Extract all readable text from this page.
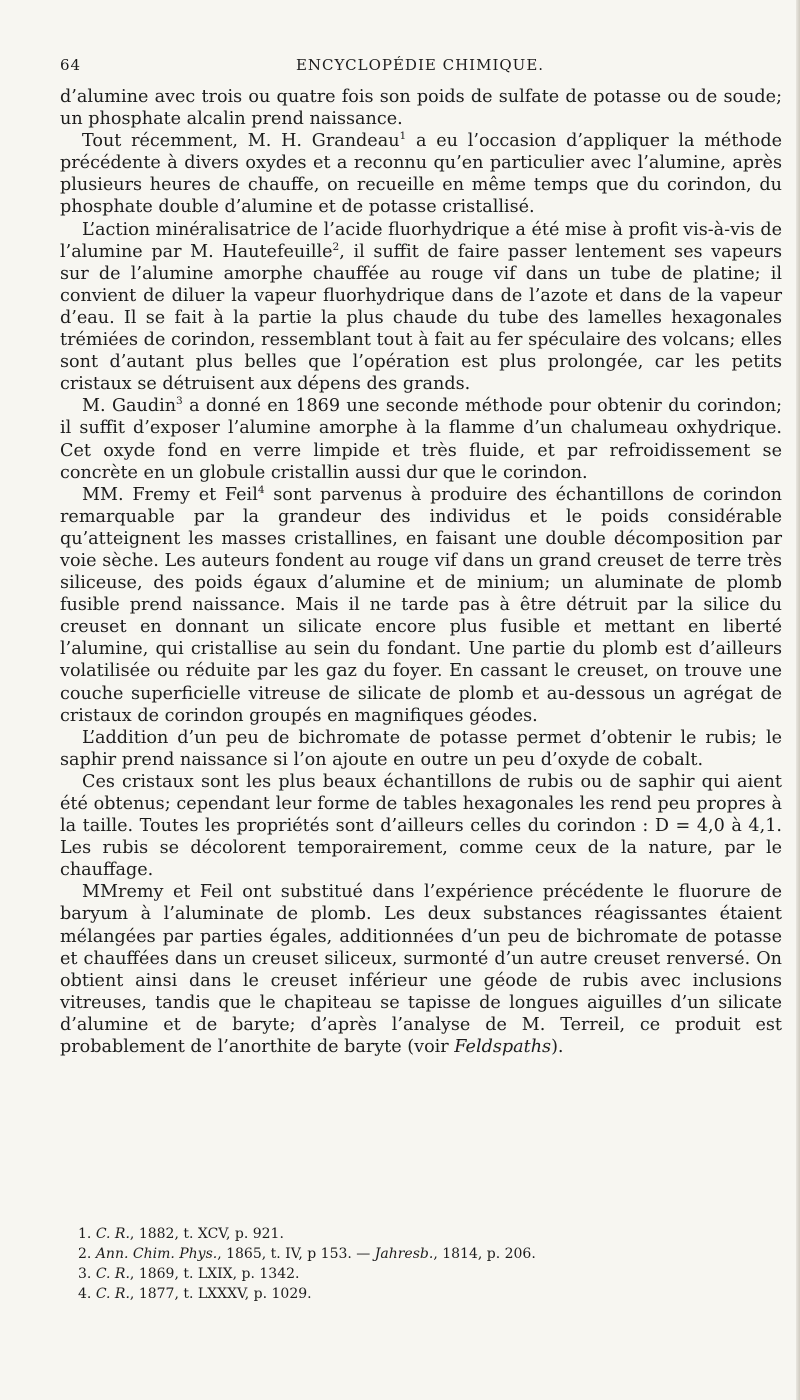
64	ENCYCLOPÉDIE CHIMIQUE.

d’alumine avec trois ou quatre fois son poids de sulfate de potasse ou de soude; un phosphate alcalin prend naissance.

Tout récemment, M. H. Grandeau$^1$ a eu l’occasion d’appliquer la méthode précédente à divers oxydes et a reconnu qu’en particulier avec l’alumine, après plusieurs heures de chauffe, on recueille en même temps que du corindon, du phosphate double d’alumine et de potasse cristallisé.

L’action minéralisatrice de l’acide fluorhydrique a été mise à profit vis-à-vis de l’alumine par M. Hautefeuille$^2$, il suffit de faire passer lentement ses vapeurs sur de l’alumine amorphe chauffée au rouge vif dans un tube de platine; il convient de diluer la vapeur fluorhydrique dans de l’azote et dans de la vapeur d’eau. Il se fait à la partie la plus chaude du tube des lamelles hexagonales trémiées de corindon, ressemblant tout à fait au fer spéculaire des volcans; elles sont d’autant plus belles que l’opération est plus prolongée, car les petits cristaux se détruisent aux dépens des grands.

M. Gaudin$^3$ a donné en 1869 une seconde méthode pour obtenir du corindon; il suffit d’exposer l’alumine amorphe à la flamme d’un chalumeau oxhydrique. Cet oxyde fond en verre limpide et très fluide, et par refroidissement se concrète en un globule cristallin aussi dur que le corindon.

MM. Fremy et Feil$^4$ sont parvenus à produire des échantillons de corindon remarquable par la grandeur des individus et le poids considérable qu’atteignent les masses cristallines, en faisant une double décomposition par voie sèche. Les auteurs fondent au rouge vif dans un grand creuset de terre très siliceuse, des poids égaux d’alumine et de minium; un aluminate de plomb fusible prend naissance. Mais il ne tarde pas à être détruit par la silice du creuset en donnant un silicate encore plus fusible et mettant en liberté l’alumine, qui cristallise au sein du fondant. Une partie du plomb est d’ailleurs volatilisée ou réduite par les gaz du foyer. En cassant le creuset, on trouve une couche superficielle vitreuse de silicate de plomb et au-dessous un agrégat de cristaux de corindon groupés en magnifiques géodes.

L’addition d’un peu de bichromate de potasse permet d’obtenir le rubis; le saphir prend naissance si l’on ajoute en outre un peu d’oxyde de cobalt.

Ces cristaux sont les plus beaux échantillons de rubis ou de saphir qui aient été obtenus; cependant leur forme de tables hexagonales les rend peu propres à la taille. Toutes les propriétés sont d’ailleurs celles du corindon : D = 4,0 à 4,1. Les rubis se décolorent temporairement, comme ceux de la nature, par le chauffage.

MMremy et Feil ont substitué dans l’expérience précédente le fluorure de baryum à l’aluminate de plomb. Les deux substances réagissantes étaient mélangées par parties égales, additionnées d’un peu de bichromate de potasse et chauffées dans un creuset siliceux, surmonté d’un autre creuset renversé. On obtient ainsi dans le creuset inférieur une géode de rubis avec inclusions vitreuses, tandis que le chapiteau se tapisse de longues aiguilles d’un silicate d’alumine et de baryte; d’après l’analyse de M. Terreil, ce produit est probablement de l’anorthite de baryte (voir Feldspaths).

1. C. R., 1882, t. XCV, p. 921.

2. Ann. Chim. Phys., 1865, t. IV, p 153. — Jahresb., 1814, p. 206.

3. C. R., 1869, t. LXIX, p. 1342.

4. C. R., 1877, t. LXXXV, p. 1029.
